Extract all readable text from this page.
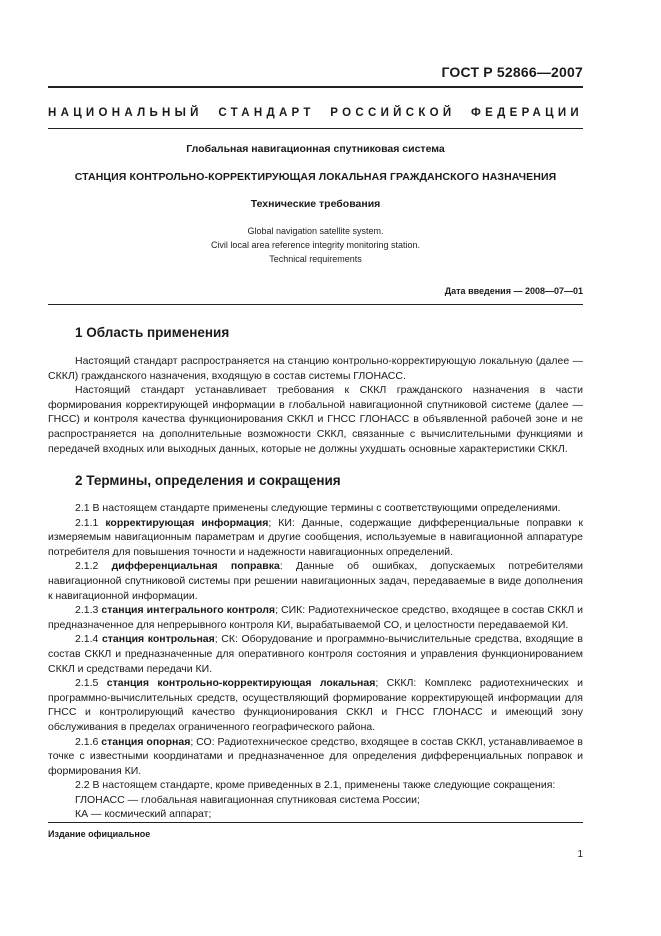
ГОСТ Р 52866—2007
НАЦИОНАЛЬНЫЙ СТАНДАРТ РОССИЙСКОЙ ФЕДЕРАЦИИ
Глобальная навигационная спутниковая система
СТАНЦИЯ КОНТРОЛЬНО-КОРРЕКТИРУЮЩАЯ ЛОКАЛЬНАЯ ГРАЖДАНСКОГО НАЗНАЧЕНИЯ
Технические требования
Global navigation satellite system.
Civil local area reference integrity monitoring station.
Technical requirements
Дата введения — 2008—07—01
1 Область применения

Настоящий стандарт распространяется на станцию контрольно-корректирующую локальную (далее — СККЛ) гражданского назначения, входящую в состав системы ГЛОНАСС.

Настоящий стандарт устанавливает требования к СККЛ гражданского назначения в части формирования корректирующей информации в глобальной навигационной спутниковой системе (далее — ГНСС) и контроля качества функционирования СККЛ и ГНСС ГЛОНАСС в объявленной рабочей зоне и не распространяется на дополнительные возможности СККЛ, связанные с вычислительными функциями и передачей входных или выходных данных, которые не должны ухудшать основные характеристики СККЛ.

2 Термины, определения и сокращения

2.1 В настоящем стандарте применены следующие термины с соответствующими определениями.

2.1.1 корректирующая информация; КИ: Данные, содержащие дифференциальные поправки к измеряемым навигационным параметрам и другие сообщения, используемые в навигационной аппаратуре потребителя для повышения точности и надежности навигационных определений.

2.1.2 дифференциальная поправка: Данные об ошибках, допускаемых потребителями навигационной спутниковой системы при решении навигационных задач, передаваемые в виде дополнения к навигационной информации.

2.1.3 станция интегрального контроля; СИК: Радиотехническое средство, входящее в состав СККЛ и предназначенное для непрерывного контроля КИ, вырабатываемой СО, и целостности передаваемой КИ.

2.1.4 станция контрольная; СК: Оборудование и программно-вычислительные средства, входящие в состав СККЛ и предназначенные для оперативного контроля состояния и управления функционированием СККЛ и средствами передачи КИ.

2.1.5 станция контрольно-корректирующая локальная; СККЛ: Комплекс радиотехнических и программно-вычислительных средств, осуществляющий формирование корректирующей информации для ГНСС и контролирующий качество функционирования СККЛ и ГНСС ГЛОНАСС и имеющий зону обслуживания в пределах ограниченного географического района.

2.1.6 станция опорная; СО: Радиотехническое средство, входящее в состав СККЛ, устанавливаемое в точке с известными координатами и предназначенное для определения дифференциальных поправок и формирования КИ.

2.2 В настоящем стандарте, кроме приведенных в 2.1, применены также следующие сокращения:

ГЛОНАСС — глобальная навигационная спутниковая система России;

КА — космический аппарат;

Издание официальное
1
